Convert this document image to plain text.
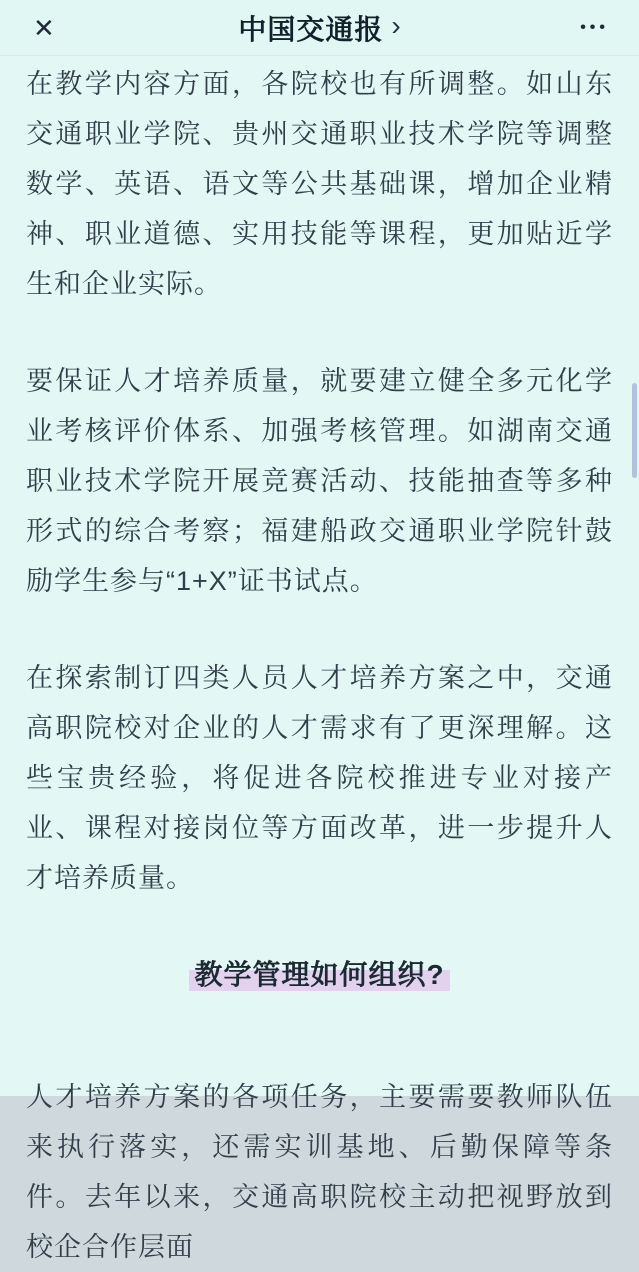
✕	中国交通报 ›	•••

在教学内容方面，各院校也有所调整。如山东交通职业学院、贵州交通职业技术学院等调整数学、英语、语文等公共基础课，增加企业精神、职业道德、实用技能等课程，更加贴近学生和企业实际。

要保证人才培养质量，就要建立健全多元化学业考核评价体系、加强考核管理。如湖南交通职业技术学院开展竞赛活动、技能抽查等多种形式的综合考察；福建船政交通职业学院针鼓励学生参与“1+X”证书试点。

在探索制订四类人员人才培养方案之中，交通高职院校对企业的人才需求有了更深理解。这些宝贵经验，将促进各院校推进专业对接产业、课程对接岗位等方面改革，进一步提升人才培养质量。

教学管理如何组织?

人才培养方案的各项任务，主要需要教师队伍来执行落实，还需实训基地、后勤保障等条件。去年以来，交通高职院校主动把视野放到校企合作层面
